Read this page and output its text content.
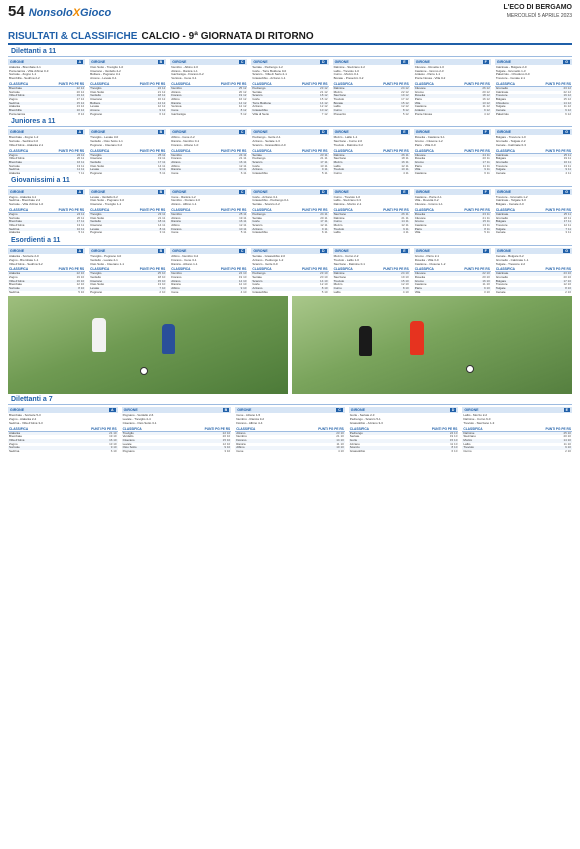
54 NonsoloXGioco	L'ECO DI BERGAMO
MERCOLEDÌ 5 APRILE 2023
RISULTATI & CLASSIFICHE CALCIO - 9ª GIORNATA DI RITORNO
Dilettanti a 11
GIRONE	A
Atalanta - Brembate 2-1
Ponteranica - Villa d'Almè 0-3
Sorisole - Zogno 1-1
Brembilla - Sedrina 2-2
CLASSIFICA	PUNTI PG PE RS
Brembate	22 12
Sorisole	20 12
Villa d'Almè	19 12
Zogno	17 12
Sedrina	15 12
Atalanta	13 12
Brembilla	10 12
Ponteranica	8 12
GIRONE	B
Osio Sotto - Treviglio 1-0
Ciserano - Verdello 2-2
Boltiere - Pognano 3-1
Arcene - Levate 0-1
CLASSIFICA	PUNTI PG PE RS
Treviglio	24 12
Osio Sotto	21 12
Verdello	18 12
Ciserano	16 12
Boltiere	14 12
Levate	12 12
Arcene	9 12
Pognano	6 12
GIRONE	C
Nembro - Albino 2-0
Alzano - Ranica 1-1
Gazzaniga - Fiorano 0-2
Vertova - Cene 3-1
CLASSIFICA	PUNTI PG PE RS
Nembro	25 12
Alzano	20 12
Fiorano	19 12
Albino	16 12
Ranica	14 12
Vertova	12 12
Cene	8 12
Gazzaniga	5 12
GIRONE	D
Seriate - Pedrengo 1-2
Gorle - Torre Boldone 0-0
Scanzo - Villa di Serio 2-1
Grassobbio - Azzano 1-1
CLASSIFICA	PUNTI PG PE RS
Pedrengo	23 12
Seriate	21 12
Scanzo	18 12
Gorle	15 12
Torre Boldone	14 12
Azzano	12 12
Grassobbio	10 12
Villa di Serio	7 12
GIRONE	E
Dalmine - Stezzano 2-2
Lallio - Treviolo 1-0
Curno - Mozzo 0-1
Bonate - Presezzo 3-2
CLASSIFICA	PUNTI PG PE RS
Dalmine	24 12
Mozzo	22 12
Stezzano	19 12
Treviolo	17 12
Bonate	15 12
Lallio	12 12
Curno	8 12
Presezzo	5 12
GIRONE	F
Clusone - Rovetta 1-0
Castione - Gromo 2-3
Ardesio - Parre 1-1
Ponte Nossa - Villa 0-2
CLASSIFICA	PUNTI PG PE RS
Clusone	26 12
Gromo	20 12
Rovetta	18 12
Parre	16 12
Villa	13 12
Castione	11 12
Ardesio	9 12
Ponte Nossa	4 12
GIRONE	G
Calcinate - Bolgare 2-0
Telgate - Grumello 1-3
Palazzolo - Chiuduno 0-0
Trescore - Cenate 2-1
CLASSIFICA	PUNTI PG PE RS
Grumello	23 12
Calcinate	22 12
Trescore	19 12
Bolgare	15 12
Chiuduno	14 12
Telgate	11 12
Cenate	9 12
Palazzolo	6 12
Juniores a 11
GIRONE	A
Brembate - Zogno 1-2
Sorisole - Sedrina 0-0
Villa d'Almè - Atalanta 2-1
CLASSIFICA	PUNTI PG PE RS
Zogno	22 11
Villa d'Almè	20 11
Brembate	16 11
Sorisole	13 11
Sedrina	11 11
Atalanta	7 11
GIRONE	B
Treviglio - Levate 3-0
Verdello - Osio Sotto 1-1
Pognano - Ciserano 0-2
CLASSIFICA	PUNTI PG PE RS
Treviglio	25 11
Ciserano	19 11
Verdello	17 11
Osio Sotto	14 11
Levate	9 11
Pognano	5 11
GIRONE	C
Albino - Cene 2-2
Ranica - Nembro 0-1
Fiorano - Alzano 1-0
CLASSIFICA	PUNTI PG PE RS
Nembro	24 11
Fiorano	21 11
Alzano	16 11
Albino	12 11
Ranica	10 11
Cene	6 11
GIRONE	D
Pedrengo - Gorle 2-1
Azzano - Seriate 1-3
Scanzo - Grassobbio 2-0
CLASSIFICA	PUNTI PG PE RS
Seriate	23 11
Pedrengo	21 11
Scanzo	17 11
Gorle	13 11
Azzano	9 11
Grassobbio	5 11
GIRONE	E
Mozzo - Lallio 1-1
Stezzano - Curno 2-0
Treviolo - Dalmine 0-2
CLASSIFICA	PUNTI PG PE RS
Dalmine	26 11
Stezzano	18 11
Mozzo	16 11
Lallio	12 11
Treviolo	10 11
Curno	4 11
GIRONE	F
Rovetta - Castione 3-1
Gromo - Clusone 1-2
Parre - Villa 0-0
CLASSIFICA	PUNTI PG PE RS
Clusone	24 11
Rovetta	20 11
Gromo	17 11
Parre	11 11
Villa	9 11
Castione	6 11
GIRONE	G
Bolgare - Trescore 1-0
Grumello - Telgate 2-2
Cenate - Calcinate 0-3
CLASSIFICA	PUNTI PG PE RS
Calcinate	25 11
Bolgare	19 11
Grumello	16 11
Trescore	13 11
Telgate	9 11
Cenate	4 11
Giovanissimi a 11
GIRONE	A
Zogno - Atalanta 4-1
Sedrina - Brembate 2-2
Sorisole - Villa d'Almè 1-0
CLASSIFICA	PUNTI PG PE RS
Zogno	24 11
Sorisole	20 11
Brembate	17 11
Villa d'Almè	13 11
Sedrina	10 11
Atalanta	5 11
GIRONE	B
Levate - Verdello 0-2
Osio Sotto - Pognano 3-0
Ciserano - Treviglio 1-1
CLASSIFICA	PUNTI PG PE RS
Treviglio	23 11
Osio Sotto	21 11
Verdello	18 11
Ciserano	14 11
Levate	8 11
Pognano	3 11
GIRONE	C
Cene - Ranica 1-2
Nembro - Fiorano 2-0
Alzano - Albino 1-1
CLASSIFICA	PUNTI PG PE RS
Nembro	25 11
Alzano	19 11
Ranica	16 11
Albino	12 11
Fiorano	10 11
Cene	5 11
GIRONE	D
Gorle - Azzano 3-1
Grassobbio - Pedrengo 0-1
Seriate - Scanzo 2-2
CLASSIFICA	PUNTI PG PE RS
Pedrengo	24 11
Seriate	20 11
Gorle	17 11
Scanzo	12 11
Azzano	9 11
Grassobbio	6 11
GIRONE	E
Curno - Treviolo 1-0
Lallio - Stezzano 0-3
Dalmine - Mozzo 2-1
CLASSIFICA	PUNTI PG PE RS
Stezzano	26 11
Dalmine	21 11
Curno	14 11
Mozzo	12 11
Treviolo	9 11
Lallio	4 11
GIRONE	F
Castione - Parre 2-1
Villa - Rovetta 0-2
Clusone - Gromo 1-1
CLASSIFICA	PUNTI PG PE RS
Rovetta	23 11
Clusone	21 11
Gromo	15 11
Castione	13 11
Parre	8 11
Villa	5 11
GIRONE	G
Trescore - Grumello 1-2
Calcinate - Telgate 3-0
Bolgare - Cenate 2-0
CLASSIFICA	PUNTI PG PE RS
Calcinate	25 11
Grumello	22 11
Bolgare	17 11
Trescore	12 11
Telgate	7 11
Cenate	3 11
Esordienti a 11
GIRONE	A
Atalanta - Sorisole 2-0
Zogno - Brembate 1-1
Villa d'Almè - Sedrina 3-2
CLASSIFICA	PUNTI PG PE RS
Atalanta	22 10
Zogno	19 10
Villa d'Almè	16 10
Brembate	12 10
Sorisole	8 10
Sedrina	5 10
GIRONE	B
Treviglio - Pognano 4-0
Verdello - Levate 2-1
Osio Sotto - Ciserano 1-1
CLASSIFICA	PUNTI PG PE RS
Treviglio	25 10
Verdello	18 10
Ciserano	15 10
Osio Sotto	13 10
Levate	7 10
Pognano	2 10
GIRONE	C
Albino - Nembro 0-2
Fiorano - Cene 3-1
Ranica - Alzano 1-1
CLASSIFICA	PUNTI PG PE RS
Nembro	24 10
Fiorano	19 10
Alzano	14 10
Ranica	12 10
Albino	9 10
Cene	4 10
GIRONE	D
Seriate - Grassobbio 2-0
Azzano - Pedrengo 1-2
Scanzo - Gorle 0-0
CLASSIFICA	PUNTI PG PE RS
Pedrengo	23 10
Seriate	20 10
Scanzo	14 10
Gorle	12 10
Azzano	8 10
Grassobbio	5 10
GIRONE	E
Mozzo - Curno 2-2
Treviolo - Lallio 1-0
Stezzano - Dalmine 0-1
CLASSIFICA	PUNTI PG PE RS
Dalmine	24 10
Stezzano	19 10
Treviolo	15 10
Mozzo	12 10
Curno	8 10
Lallio	4 10
GIRONE	F
Gromo - Parre 2-1
Rovetta - Villa 3-0
Castione - Clusone 1-2
CLASSIFICA	PUNTI PG PE RS
Clusone	22 10
Rovetta	20 10
Gromo	16 10
Castione	11 10
Parre	9 10
Villa	3 10
GIRONE	G
Cenate - Bolgare 0-2
Grumello - Calcinate 1-1
Telgate - Trescore 2-2
CLASSIFICA	PUNTI PG PE RS
Calcinate	23 10
Grumello	20 10
Bolgare	17 10
Trescore	12 10
Telgate	8 10
Cenate	2 10
Dilettanti a 7
GIRONE	A
Brembate - Sorisole 5-3
Zogno - Atalanta 2-4
Sedrina - Villa d'Almè 3-3
CLASSIFICA	PUNTI PG PE RS
Atalanta	21 10
Brembate	19 10
Villa d'Almè	16 10
Zogno	13 10
Sorisole	9 10
Sedrina	6 10
GIRONE	B
Pognano - Verdello 2-6
Levate - Treviglio 4-4
Ciserano - Osio Sotto 3-1
CLASSIFICA	PUNTI PG PE RS
Treviglio	22 10
Verdello	20 10
Ciserano	15 10
Levate	12 10
Osio Sotto	9 10
Pognano	3 10
GIRONE	C
Cene - Alzano 1-5
Nembro - Ranica 3-2
Fiorano - Albino 4-4
CLASSIFICA	PUNTI PG PE RS
Alzano	23 10
Nembro	21 10
Fiorano	14 10
Ranica	11 10
Albino	10 10
Cene	4 10
GIRONE	D
Gorle - Seriate 2-3
Pedrengo - Scanzo 5-1
Grassobbio - Azzano 3-3
CLASSIFICA	PUNTI PG PE RS
Pedrengo	24 10
Seriate	19 10
Gorle	15 10
Azzano	11 10
Scanzo	8 10
Grassobbio	6 10
GIRONE	E
Lallio - Mozzo 2-2
Dalmine - Curno 6-0
Treviolo - Stezzano 1-3
CLASSIFICA	PUNTI PG PE RS
Dalmine	25 10
Stezzano	20 10
Mozzo	14 10
Lallio	11 10
Treviolo	9 10
Curno	2 10
